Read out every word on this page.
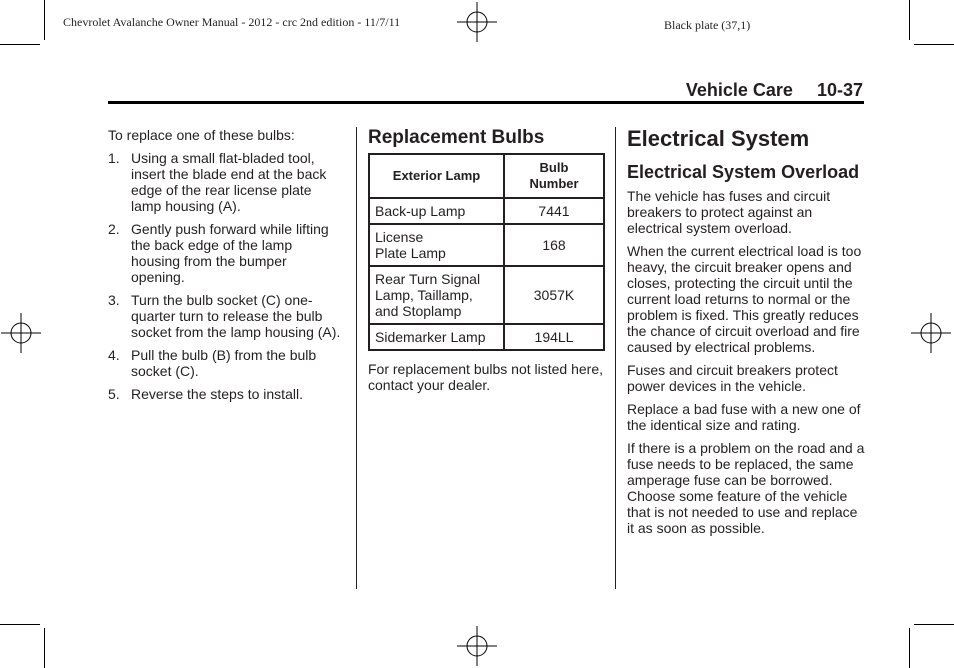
Chevrolet Avalanche Owner Manual - 2012 - crc 2nd edition - 11/7/11	Black plate (37,1)
Vehicle Care 10-37

To replace one of these bulbs:

1. Using a small flat-bladed tool, insert the blade end at the back edge of the rear license plate lamp housing (A).
2. Gently push forward while lifting the back edge of the lamp housing from the bumper opening.
3. Turn the bulb socket (C) one-quarter turn to release the bulb socket from the lamp housing (A).
4. Pull the bulb (B) from the bulb socket (C).
5. Reverse the steps to install.
Replacement Bulbs
Exterior Lamp	Bulb
Number
Back-up Lamp	7441
License
Plate Lamp	168
Rear Turn Signal
Lamp, Taillamp,
and Stoplamp	3057K
Sidemarker Lamp	194LL

For replacement bulbs not listed here, contact your dealer.

Electrical System
Electrical System Overload

The vehicle has fuses and circuit breakers to protect against an electrical system overload.

When the current electrical load is too heavy, the circuit breaker opens and closes, protecting the circuit until the current load returns to normal or the problem is fixed. This greatly reduces the chance of circuit overload and fire caused by electrical problems.

Fuses and circuit breakers protect power devices in the vehicle.

Replace a bad fuse with a new one of the identical size and rating.

If there is a problem on the road and a fuse needs to be replaced, the same amperage fuse can be borrowed. Choose some feature of the vehicle that is not needed to use and replace it as soon as possible.
